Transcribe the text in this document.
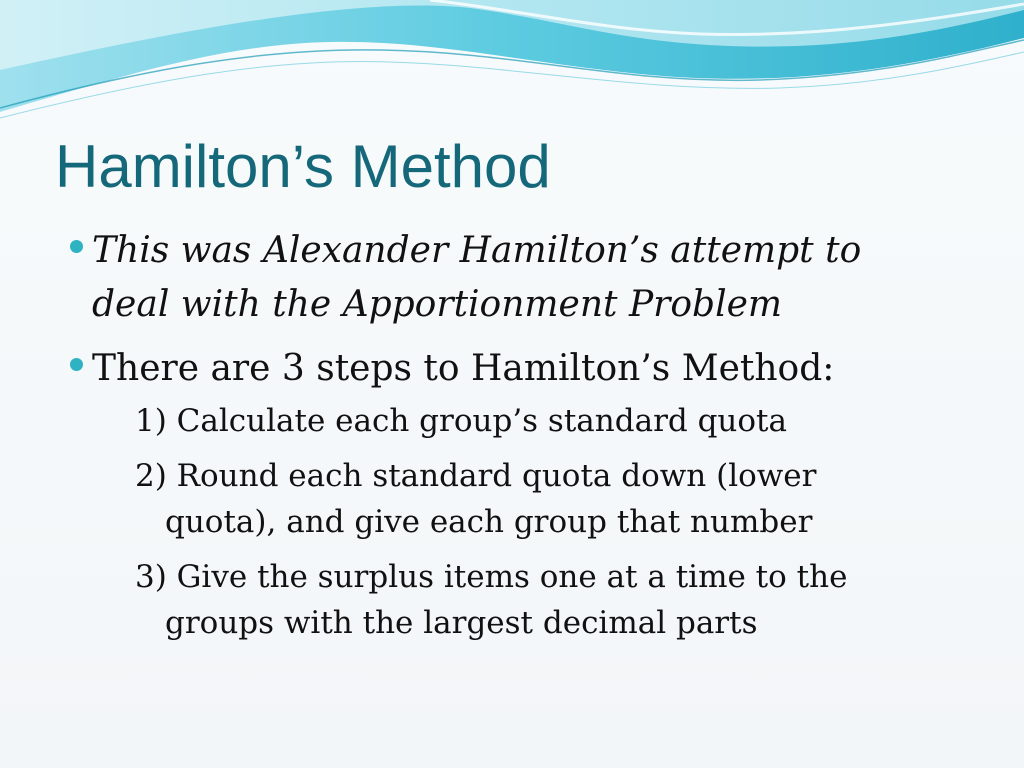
Hamilton’s Method
This was Alexander Hamilton’s attempt to deal with the Apportionment Problem
There are 3 steps to Hamilton’s Method:
1) Calculate each group’s standard quota
2) Round each standard quota down (lower quota), and give each group that number
3) Give the surplus items one at a time to the groups with the largest decimal parts
